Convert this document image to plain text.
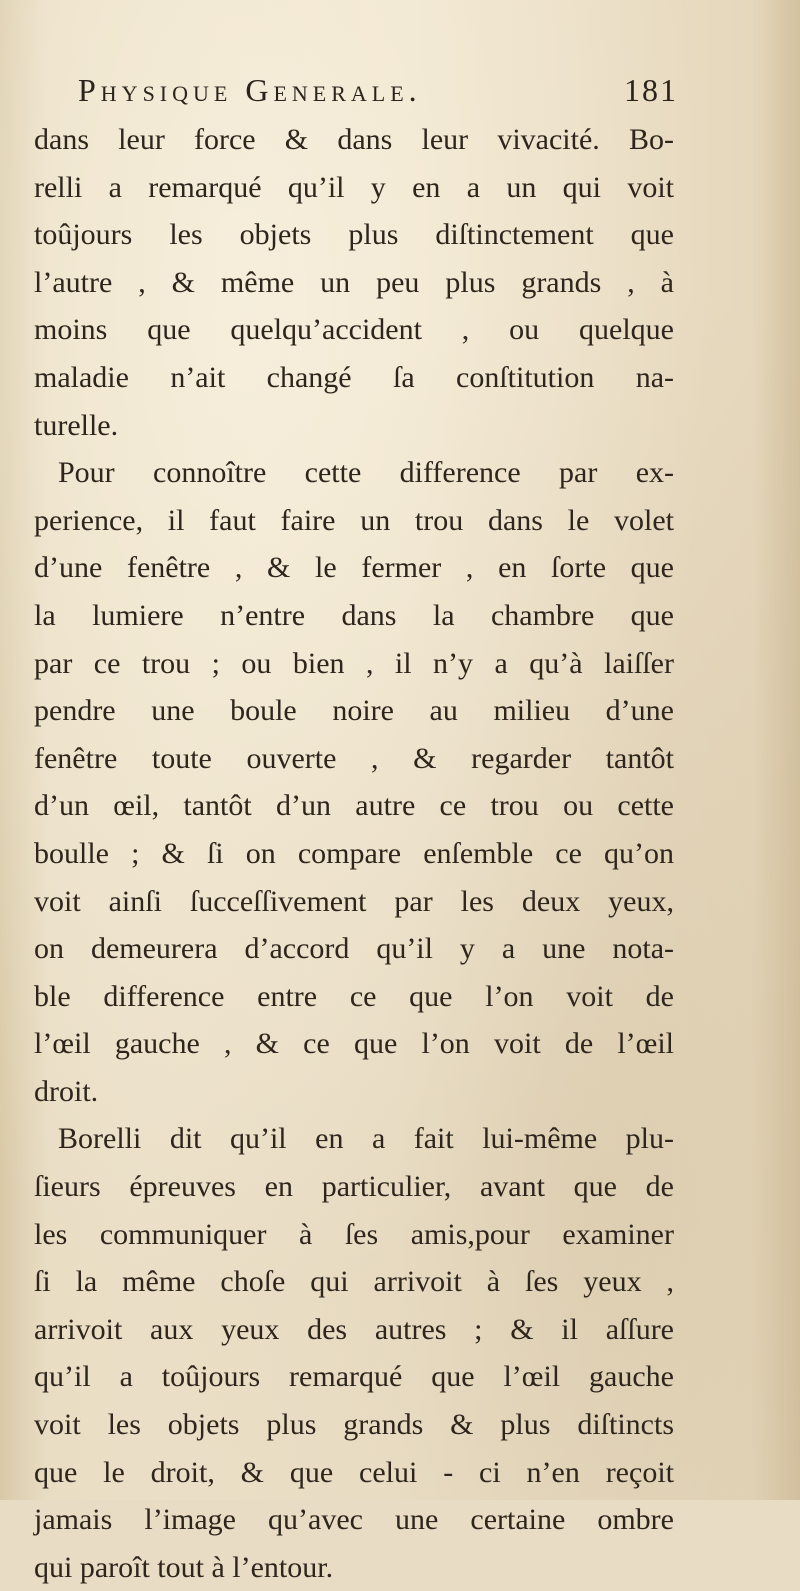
Physique Generale.	181
dans leur force & dans leur vivacité. Bo-
relli a remarqué qu’il y en a un qui voit
toûjours les objets plus diſtinctement que
l’autre , & même un peu plus grands , à
moins que quelqu’accident , ou quelque
maladie n’ait changé ſa conſtitution na-
turelle.
Pour connoître cette difference par ex-
perience, il faut faire un trou dans le volet
d’une fenêtre , & le fermer , en ſorte que
la lumiere n’entre dans la chambre que
par ce trou ; ou bien , il n’y a qu’à laiſſer
pendre une boule noire au milieu d’une
fenêtre toute ouverte , & regarder tantôt
d’un œil, tantôt d’un autre ce trou ou cette
boulle ; & ſi on compare enſemble ce qu’on
voit ainſi ſucceſſivement par les deux yeux,
on demeurera d’accord qu’il y a une nota-
ble difference entre ce que l’on voit de
l’œil gauche , & ce que l’on voit de l’œil
droit.
Borelli dit qu’il en a fait lui-même plu-
ſieurs épreuves en particulier, avant que de
les communiquer à ſes amis,pour examiner
ſi la même choſe qui arrivoit à ſes yeux ,
arrivoit aux yeux des autres ; & il aſſure
qu’il a toûjours remarqué que l’œil gauche
voit les objets plus grands & plus diſtincts
que le droit, & que celui - ci n’en reçoit
jamais l’image qu’avec une certaine ombre
qui paroît tout à l’entour.
